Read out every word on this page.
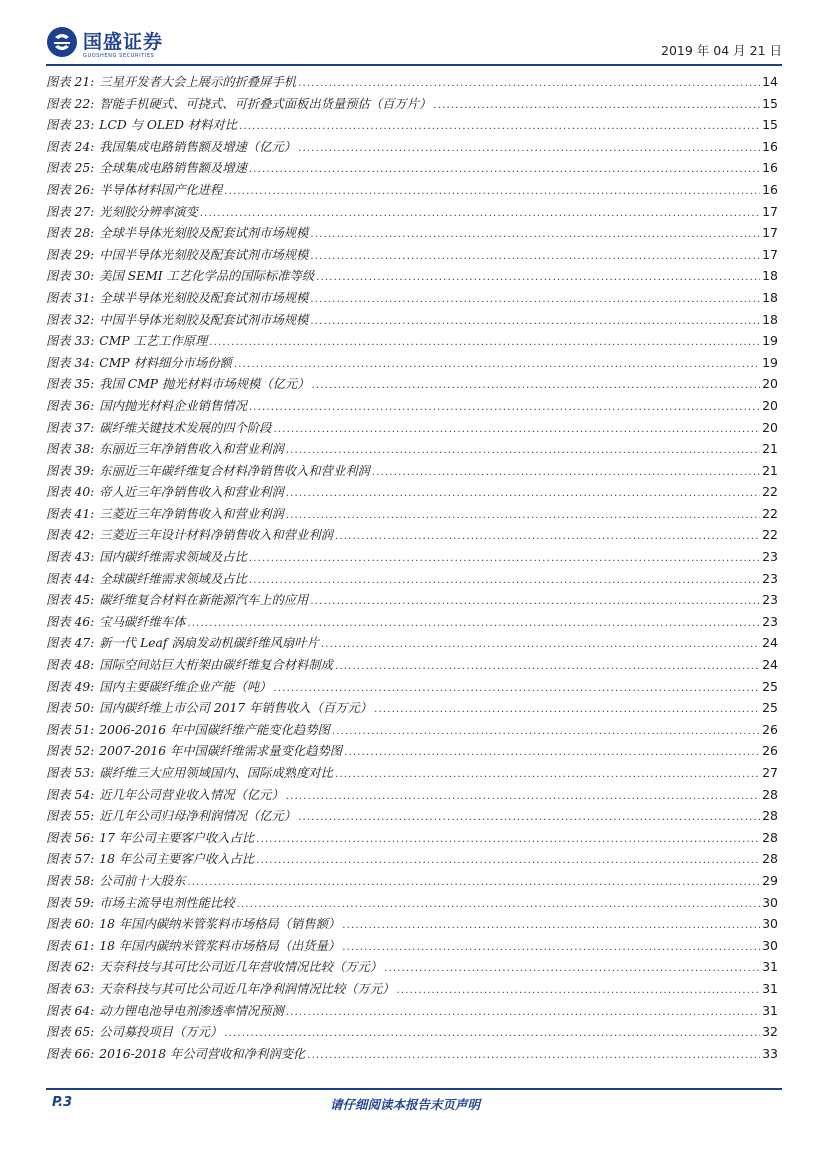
国盛证券
GUOSHENG SECURITIES	2019 年 04 月 21 日
图表 21: 三星开发者大会上展示的折叠屏手机 .....	14
图表 22: 智能手机硬式、可挠式、可折叠式面板出货量预估（百万片） .....	15
图表 23: LCD 与 OLED 材料对比 .....	15
图表 24: 我国集成电路销售额及增速（亿元） .....	16
图表 25: 全球集成电路销售额及增速 .....	16
图表 26: 半导体材料国产化进程 .....	16
图表 27: 光刻胶分辨率演变 .....	17
图表 28: 全球半导体光刻胶及配套试剂市场规模 .....	17
图表 29: 中国半导体光刻胶及配套试剂市场规模 .....	17
图表 30: 美国 SEMI 工艺化学品的国际标准等级 .....	18
图表 31: 全球半导体光刻胶及配套试剂市场规模 .....	18
图表 32: 中国半导体光刻胶及配套试剂市场规模 .....	18
图表 33: CMP 工艺工作原理 .....	19
图表 34: CMP 材料细分市场份额 .....	19
图表 35: 我国 CMP 抛光材料市场规模（亿元） .....	20
图表 36: 国内抛光材料企业销售情况 .....	20
图表 37: 碳纤维关键技术发展的四个阶段 .....	20
图表 38: 东丽近三年净销售收入和营业利润 .....	21
图表 39: 东丽近三年碳纤维复合材料净销售收入和营业利润 .....	21
图表 40: 帝人近三年净销售收入和营业利润 .....	22
图表 41: 三菱近三年净销售收入和营业利润 .....	22
图表 42: 三菱近三年设计材料净销售收入和营业利润 .....	22
图表 43: 国内碳纤维需求领域及占比 .....	23
图表 44: 全球碳纤维需求领域及占比 .....	23
图表 45: 碳纤维复合材料在新能源汽车上的应用 .....	23
图表 46: 宝马碳纤维车体 .....	23
图表 47: 新一代 Leaf 涡扇发动机碳纤维风扇叶片 .....	24
图表 48: 国际空间站巨大桁架由碳纤维复合材料制成 .....	24
图表 49: 国内主要碳纤维企业产能（吨） .....	25
图表 50: 国内碳纤维上市公司 2017 年销售收入（百万元） .....	25
图表 51: 2006-2016 年中国碳纤维产能变化趋势图 .....	26
图表 52: 2007-2016 年中国碳纤维需求量变化趋势图 .....	26
图表 53: 碳纤维三大应用领域国内、国际成熟度对比 .....	27
图表 54: 近几年公司营业收入情况（亿元） .....	28
图表 55: 近几年公司归母净利润情况（亿元） .....	28
图表 56: 17 年公司主要客户收入占比 .....	28
图表 57: 18 年公司主要客户收入占比 .....	28
图表 58: 公司前十大股东 .....	29
图表 59: 市场主流导电剂性能比较 .....	30
图表 60: 18 年国内碳纳米管浆料市场格局（销售额） .....	30
图表 61: 18 年国内碳纳米管浆料市场格局（出货量） .....	30
图表 62: 天奈科技与其可比公司近几年营收情况比较（万元） .....	31
图表 63: 天奈科技与其可比公司近几年净利润情况比较（万元） .....	31
图表 64: 动力锂电池导电剂渗透率情况预测 .....	31
图表 65: 公司募投项目（万元） .....	32
图表 66: 2016-2018 年公司营收和净利润变化 .....	33
P.3	请仔细阅读本报告末页声明
